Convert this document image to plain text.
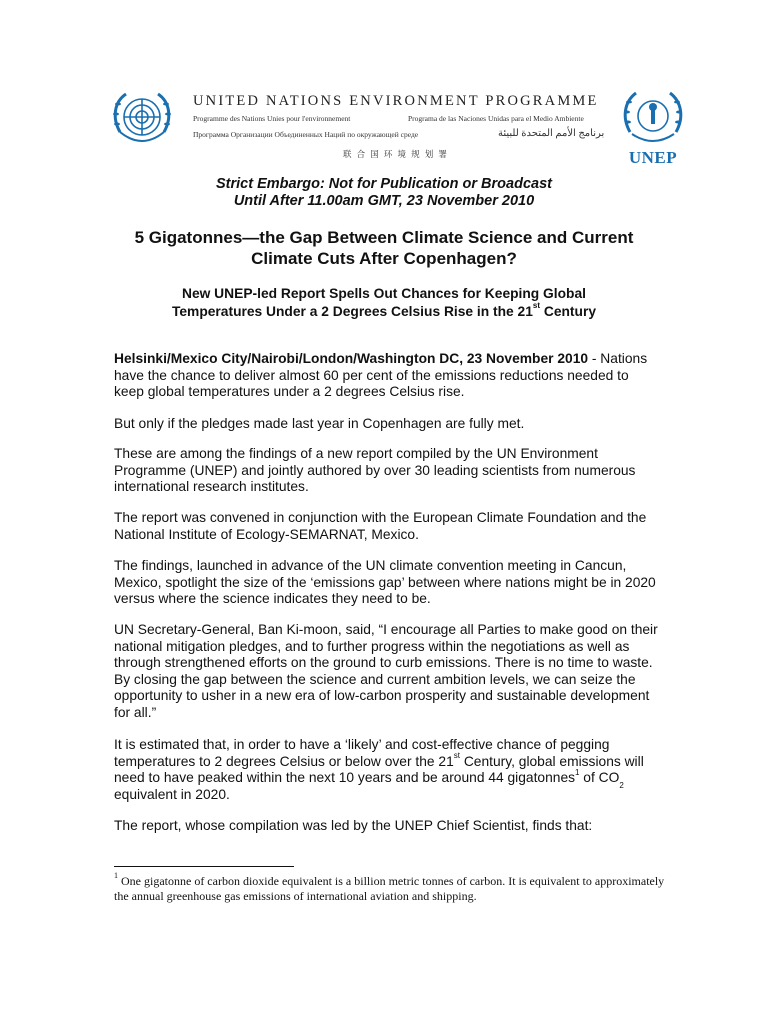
UNITED NATIONS ENVIRONMENT PROGRAMME
Programme des Nations Unies pour l'environnement	Programa de las Naciones Unidas para el Medio Ambiente
Программа Организации Объединенных Наций по окружающей среде	برنامج الأمم المتحدة للبيئة
联 合 国 环 境 规 划 署	UNEP
Strict Embargo: Not for Publication or Broadcast
Until After 11.00am GMT, 23 November 2010
5 Gigatonnes—the Gap Between Climate Science and Current
Climate Cuts After Copenhagen?
New UNEP-led Report Spells Out Chances for Keeping Global
Temperatures Under a 2 Degrees Celsius Rise in the 21st Century
Helsinki/Mexico City/Nairobi/London/Washington DC, 23 November 2010 - Nations have the chance to deliver almost 60 per cent of the emissions reductions needed to keep global temperatures under a 2 degrees Celsius rise.
But only if the pledges made last year in Copenhagen are fully met.
These are among the findings of a new report compiled by the UN Environment Programme (UNEP) and jointly authored by over 30 leading scientists from numerous international research institutes.
The report was convened in conjunction with the European Climate Foundation and the National Institute of Ecology-SEMARNAT, Mexico.
The findings, launched in advance of the UN climate convention meeting in Cancun, Mexico, spotlight the size of the ‘emissions gap’ between where nations might be in 2020 versus where the science indicates they need to be.
UN Secretary-General, Ban Ki-moon, said, “I encourage all Parties to make good on their national mitigation pledges, and to further progress within the negotiations as well as through strengthened efforts on the ground to curb emissions. There is no time to waste. By closing the gap between the science and current ambition levels, we can seize the opportunity to usher in a new era of low-carbon prosperity and sustainable development for all.”
It is estimated that, in order to have a ‘likely’ and cost-effective chance of pegging temperatures to 2 degrees Celsius or below over the 21st Century, global emissions will need to have peaked within the next 10 years and be around 44 gigatonnes$^1$ of $CO_2$ equivalent in 2020.
The report, whose compilation was led by the UNEP Chief Scientist, finds that:
$^1$ One gigatonne of carbon dioxide equivalent is a billion metric tonnes of carbon. It is equivalent to approximately the annual greenhouse gas emissions of international aviation and shipping.
